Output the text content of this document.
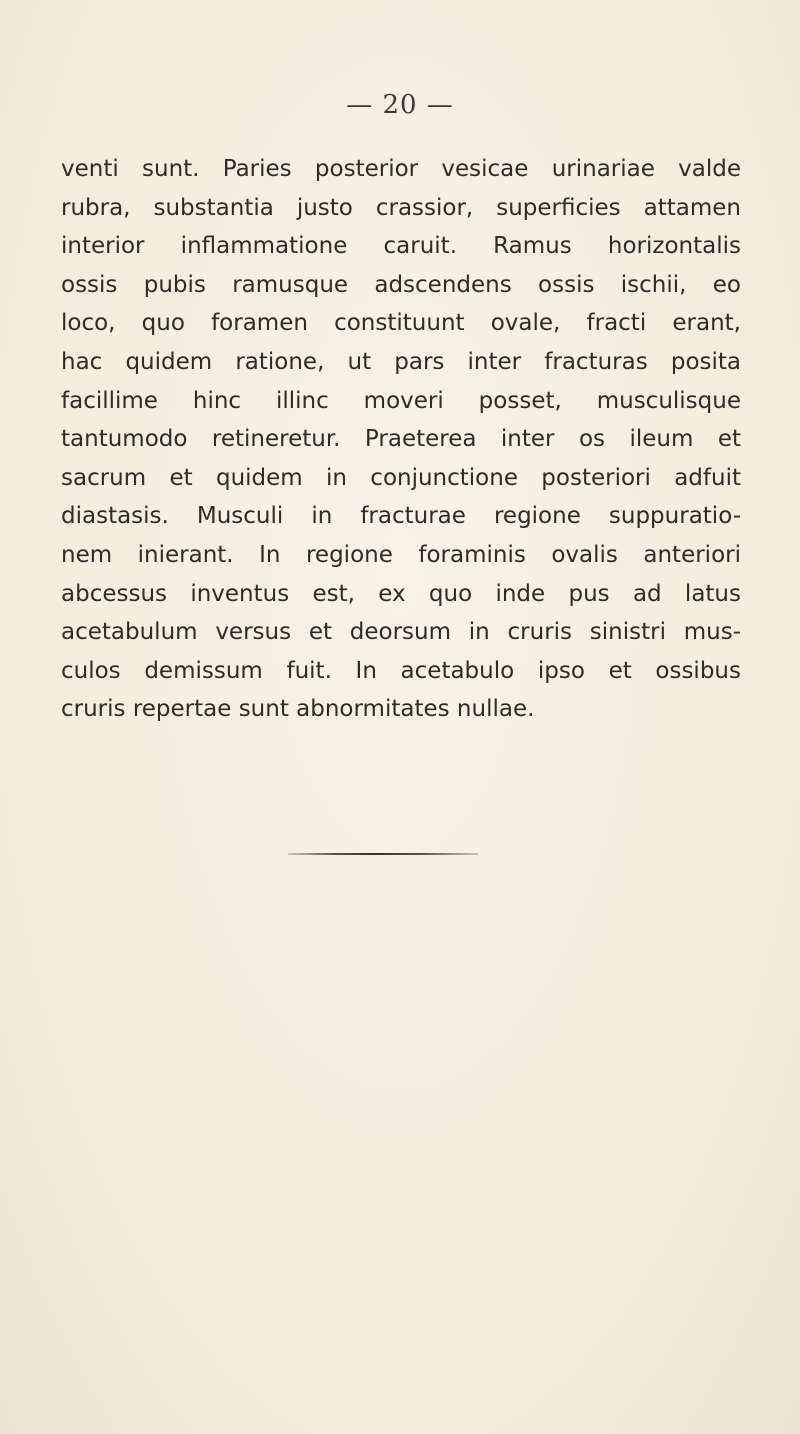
— 20 —
venti sunt. Paries posterior vesicae urinariae valde
rubra, substantia justo crassior, superficies attamen
interior inflammatione caruit. Ramus horizontalis
ossis pubis ramusque adscendens ossis ischii, eo
loco, quo foramen constituunt ovale, fracti erant,
hac quidem ratione, ut pars inter fracturas posita
facillime hinc illinc moveri posset, musculisque
tantumodo retineretur. Praeterea inter os ileum et
sacrum et quidem in conjunctione posteriori adfuit
diastasis. Musculi in fracturae regione suppuratio-
nem inierant. In regione foraminis ovalis anteriori
abcessus inventus est, ex quo inde pus ad latus
acetabulum versus et deorsum in cruris sinistri mus-
culos demissum fuit. In acetabulo ipso et ossibus
cruris repertae sunt abnormitates nullae.
